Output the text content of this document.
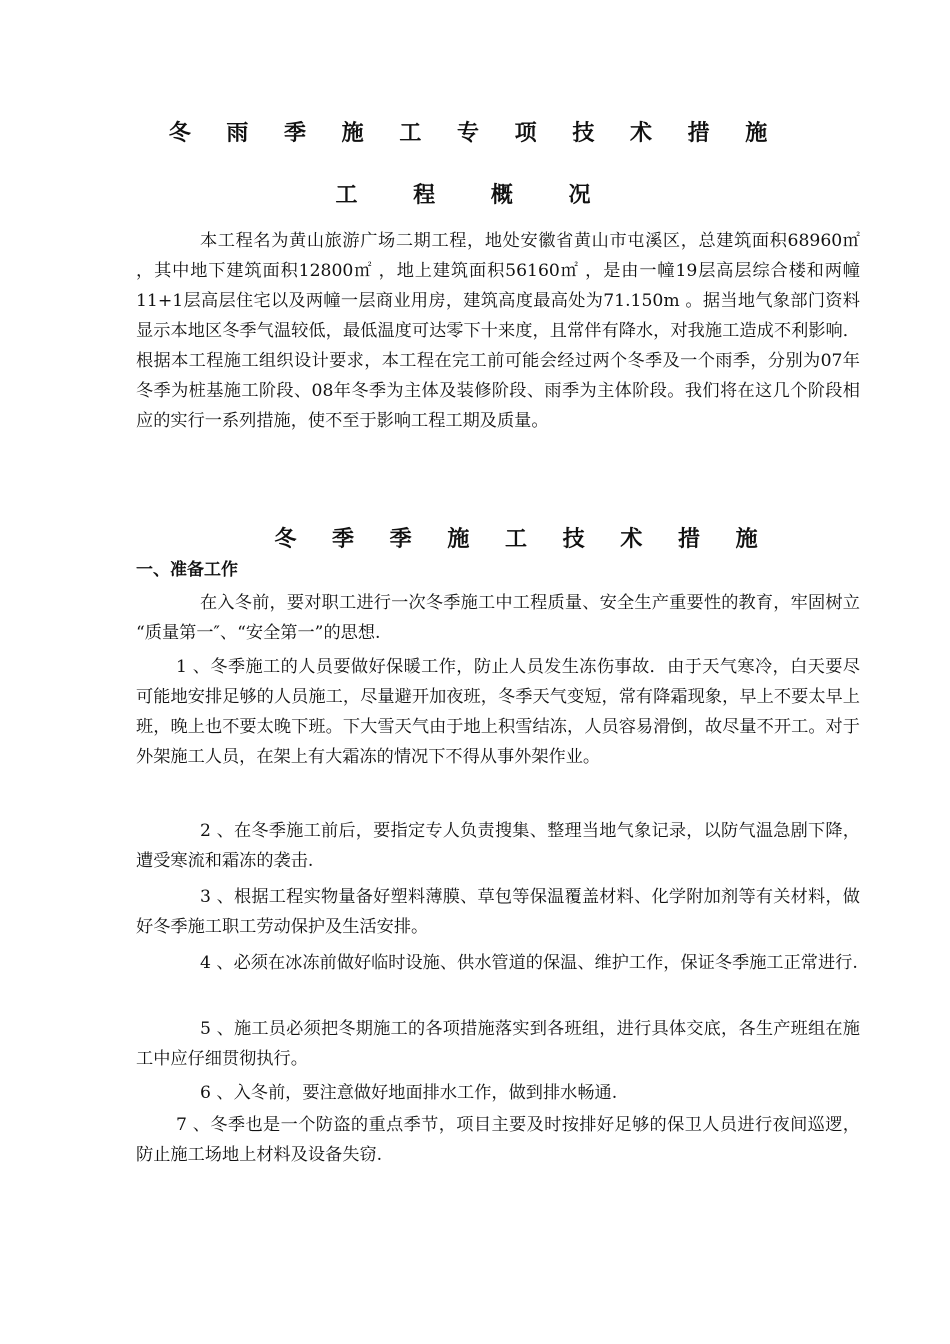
冬 雨 季 施 工 专 项 技 术 措 施
工 程 概 况

本工程名为黄山旅游广场二期工程，地处安徽省黄山市屯溪区，总建筑面积68960㎡ ，其中地下建筑面积12800㎡ ，地上建筑面积56160㎡ ，是由一幢19层高层综合楼和两幢11+1层高层住宅以及两幢一层商业用房，建筑高度最高处为71.150m 。据当地气象部门资料显示本地区冬季气温较低，最低温度可达零下十来度，且常伴有降水，对我施工造成不利影响．根据本工程施工组织设计要求，本工程在完工前可能会经过两个冬季及一个雨季，分别为07年冬季为桩基施工阶段、08年冬季为主体及装修阶段、雨季为主体阶段。我们将在这几个阶段相应的实行一系列措施，使不至于影响工程工期及质量。

冬 季 季 施 工 技 术 措 施
一、准备工作

在入冬前，要对职工进行一次冬季施工中工程质量、安全生产重要性的教育，牢固树立 “质量第一″、“安全第一”的思想.

1 、冬季施工的人员要做好保暖工作，防止人员发生冻伤事故．由于天气寒冷，白天要尽可能地安排足够的人员施工，尽量避开加夜班，冬季天气变短，常有降霜现象，早上不要太早上班，晚上也不要太晚下班。下大雪天气由于地上积雪结冻，人员容易滑倒，故尽量不开工。对于外架施工人员，在架上有大霜冻的情况下不得从事外架作业。

2 、在冬季施工前后，要指定专人负责搜集、整理当地气象记录，以防气温急剧下降，遭受寒流和霜冻的袭击.

3 、根据工程实物量备好塑料薄膜、草包等保温覆盖材料、化学附加剂等有关材料，做好冬季施工职工劳动保护及生活安排。

4 、必须在冰冻前做好临时设施、供水管道的保温、维护工作，保证冬季施工正常进行.

5 、施工员必须把冬期施工的各项措施落实到各班组，进行具体交底，各生产班组在施工中应仔细贯彻执行。

6 、入冬前，要注意做好地面排水工作，做到排水畅通.

7 、冬季也是一个防盗的重点季节，项目主要及时按排好足够的保卫人员进行夜间巡逻，防止施工场地上材料及设备失窃.
